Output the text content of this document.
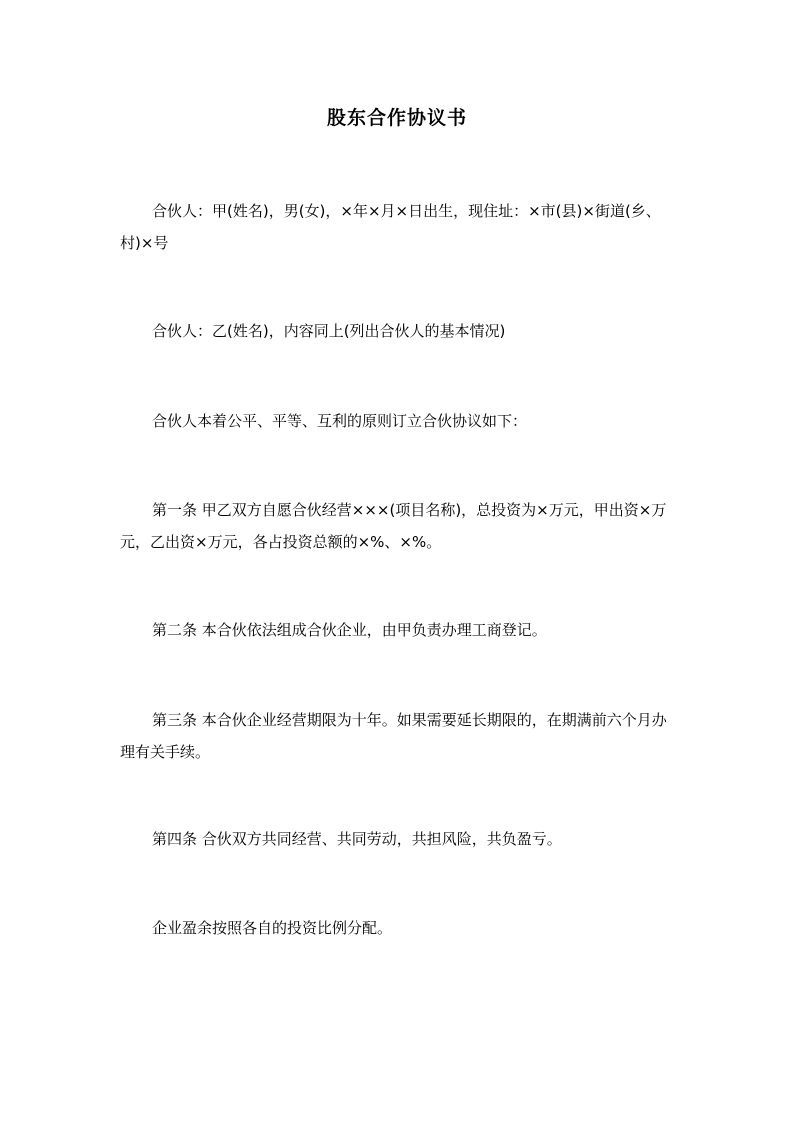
股东合作协议书

合伙人：甲(姓名)，男(女)，×年×月×日出生，现住址：×市(县)×街道(乡、村)×号

合伙人：乙(姓名)，内容同上(列出合伙人的基本情况)

合伙人本着公平、平等、互利的原则订立合伙协议如下：

第一条 甲乙双方自愿合伙经营×××(项目名称)，总投资为×万元，甲出资×万元，乙出资×万元，各占投资总额的×%、×%。

第二条 本合伙依法组成合伙企业，由甲负责办理工商登记。

第三条 本合伙企业经营期限为十年。如果需要延长期限的，在期满前六个月办理有关手续。

第四条 合伙双方共同经营、共同劳动，共担风险，共负盈亏。

企业盈余按照各自的投资比例分配。
